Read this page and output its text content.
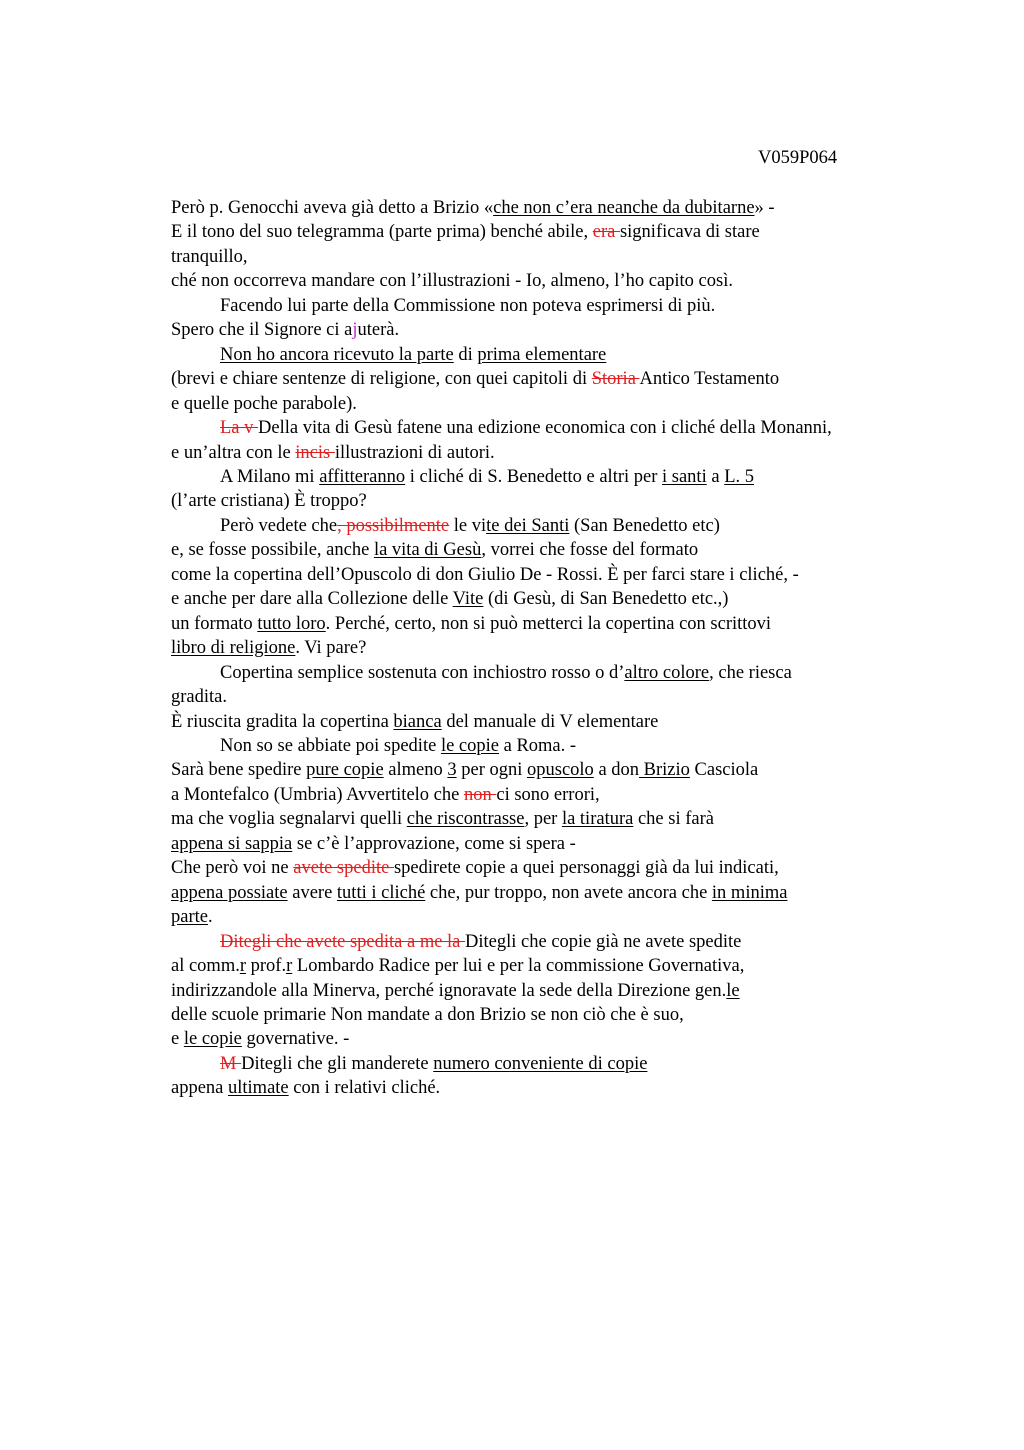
V059P064
Però p. Genocchi aveva già detto a Brizio «che non c’era neanche da dubitarne» -
E il tono del suo telegramma (parte prima) benché abile, era significava di stare
tranquillo,
ché non occorreva mandare con l’illustrazioni - Io, almeno, l’ho capito così.
Facendo lui parte della Commissione non poteva esprimersi di più.
Spero che il Signore ci ajuterà.
Non ho ancora ricevuto la parte di prima elementare
(brevi e chiare sentenze di religione, con quei capitoli di Storia Antico Testamento
e quelle poche parabole).
La v Della vita di Gesù fatene una edizione economica con i cliché della Monanni,
e un’altra con le incis illustrazioni di autori.
A Milano mi affitteranno i cliché di S. Benedetto e altri per i santi a L. 5
(l’arte cristiana) È troppo?
Però vedete che, possibilmente le vite dei Santi (San Benedetto etc)
e, se fosse possibile, anche la vita di Gesù, vorrei che fosse del formato
come la copertina dell’Opuscolo di don Giulio De - Rossi. È per farci stare i cliché, -
e anche per dare alla Collezione delle Vite (di Gesù, di San Benedetto etc.,)
un formato tutto loro. Perché, certo, non si può metterci la copertina con scrittovi
libro di religione. Vi pare?
Copertina semplice sostenuta con inchiostro rosso o d’altro colore, che riesca
gradita.
È riuscita gradita la copertina bianca del manuale di V elementare
Non so se abbiate poi spedite le copie a Roma. -
Sarà bene spedire pure copie almeno 3 per ogni opuscolo a don Brizio Casciola
a Montefalco (Umbria) Avvertitelo che non ci sono errori,
ma che voglia segnalarvi quelli che riscontrasse, per la tiratura che si farà
appena si sappia se c’è l’approvazione, come si spera -
Che però voi ne avete spedite spedirete copie a quei personaggi già da lui indicati,
appena possiate avere tutti i cliché che, pur troppo, non avete ancora che in minima
parte.
Ditegli che avete spedita a me la Ditegli che copie già ne avete spedite
al comm.r prof.r Lombardo Radice per lui e per la commissione Governativa,
indirizzandole alla Minerva, perché ignoravate la sede della Direzione gen.le
delle scuole primarie Non mandate a don Brizio se non ciò che è suo,
e le copie governative. -
M Ditegli che gli manderete numero conveniente di copie
appena ultimate con i relativi cliché.
